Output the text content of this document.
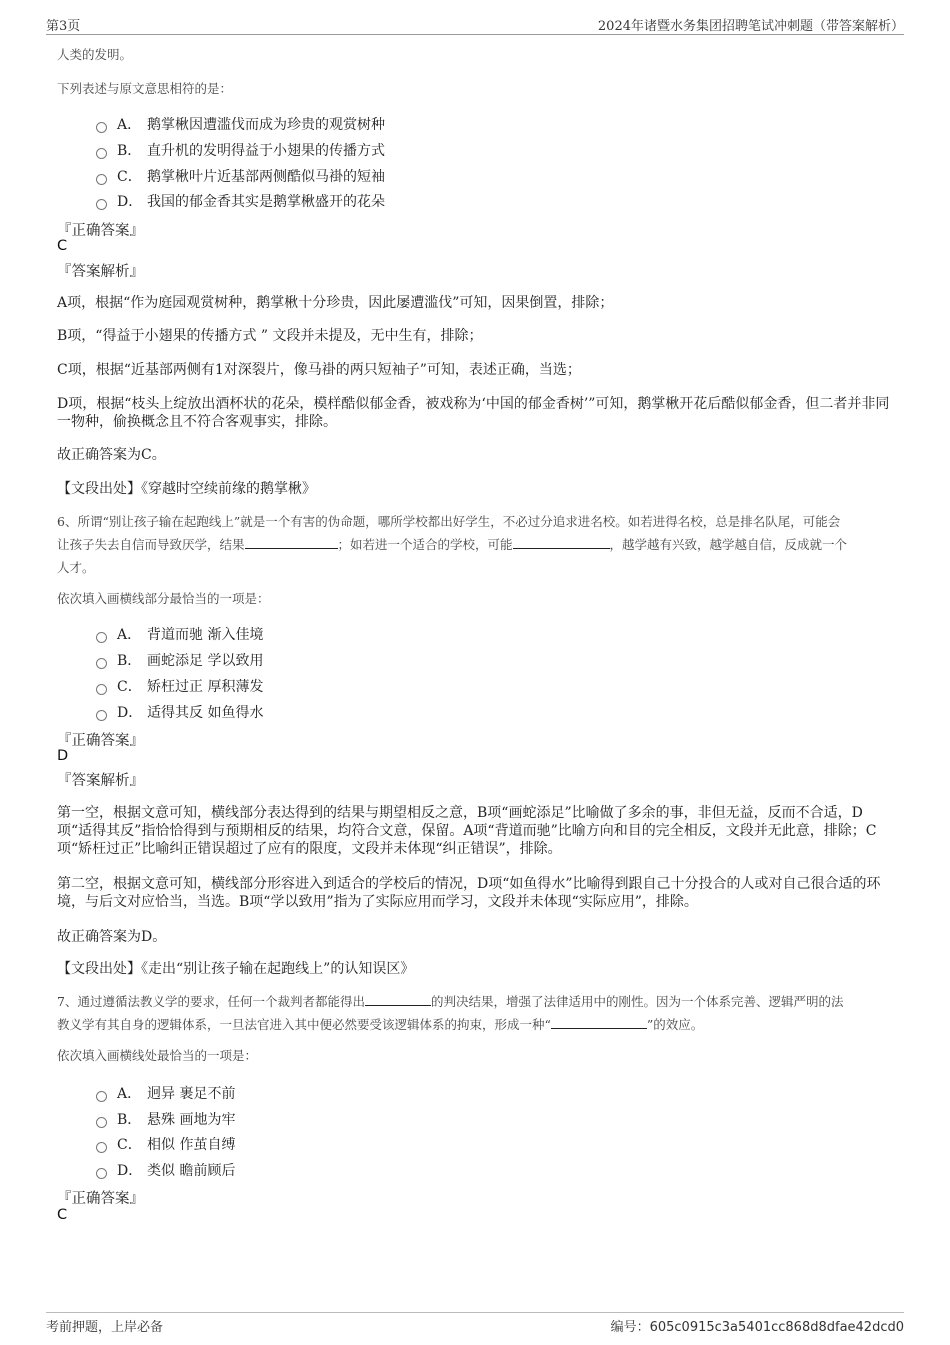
第3页	2024年诸暨水务集团招聘笔试冲刺题（带答案解析）
人类的发明。
下列表述与原文意思相符的是：
A． 鹅掌楸因遭滥伐而成为珍贵的观赏树种
B． 直升机的发明得益于小翅果的传播方式
C． 鹅掌楸叶片近基部两侧酷似马褂的短袖
D． 我国的郁金香其实是鹅掌楸盛开的花朵
『正确答案』
C
『答案解析』
A项，根据“作为庭园观赏树种，鹅掌楸十分珍贵，因此屡遭滥伐”可知，因果倒置，排除；
B项，“得益于小翅果的传播方式 ” 文段并未提及，无中生有，排除；
C项，根据“近基部两侧有1对深裂片，像马褂的两只短袖子”可知，表述正确，当选；
D项，根据“枝头上绽放出酒杯状的花朵，模样酷似郁金香，被戏称为‘中国的郁金香树’”可知，鹅掌楸开花后酷似郁金香，但二者并非同一物种，偷换概念且不符合客观事实，排除。
故正确答案为C。
【文段出处】《穿越时空续前缘的鹅掌楸》
6、所谓“别让孩子输在起跑线上”就是一个有害的伪命题，哪所学校都出好学生，不必过分追求进名校。如若进得名校，总是排名队尾，可能会
让孩子失去自信而导致厌学，结果	；如若进一个适合的学校，可能	，越学越有兴致，越学越自信，反成就一个
人才。
依次填入画横线部分最恰当的一项是：
A． 背道而驰 渐入佳境
B． 画蛇添足 学以致用
C． 矫枉过正 厚积薄发
D． 适得其反 如鱼得水
『正确答案』
D
『答案解析』
第一空，根据文意可知，横线部分表达得到的结果与期望相反之意，B项“画蛇添足”比喻做了多余的事，非但无益，反而不合适，D项“适得其反”指恰恰得到与预期相反的结果，均符合文意，保留。A项“背道而驰”比喻方向和目的完全相反，文段并无此意，排除；C项“矫枉过正”比喻纠正错误超过了应有的限度，文段并未体现“纠正错误”，排除。
第二空，根据文意可知，横线部分形容进入到适合的学校后的情况，D项“如鱼得水”比喻得到跟自己十分投合的人或对自己很合适的环境，与后文对应恰当，当选。B项“学以致用”指为了实际应用而学习，文段并未体现“实际应用”，排除。
故正确答案为D。
【文段出处】《走出“别让孩子输在起跑线上”的认知误区》
7、通过遵循法教义学的要求，任何一个裁判者都能得出	的判决结果，增强了法律适用中的刚性。因为一个体系完善、逻辑严明的法
教义学有其自身的逻辑体系，一旦法官进入其中便必然要受该逻辑体系的拘束，形成一种“	”的效应。
依次填入画横线处最恰当的一项是：
A． 迥异 裹足不前
B． 悬殊 画地为牢
C． 相似 作茧自缚
D． 类似 瞻前顾后
『正确答案』
C
考前押题，上岸必备	编号：605c0915c3a5401cc868d8dfae42dcd0
